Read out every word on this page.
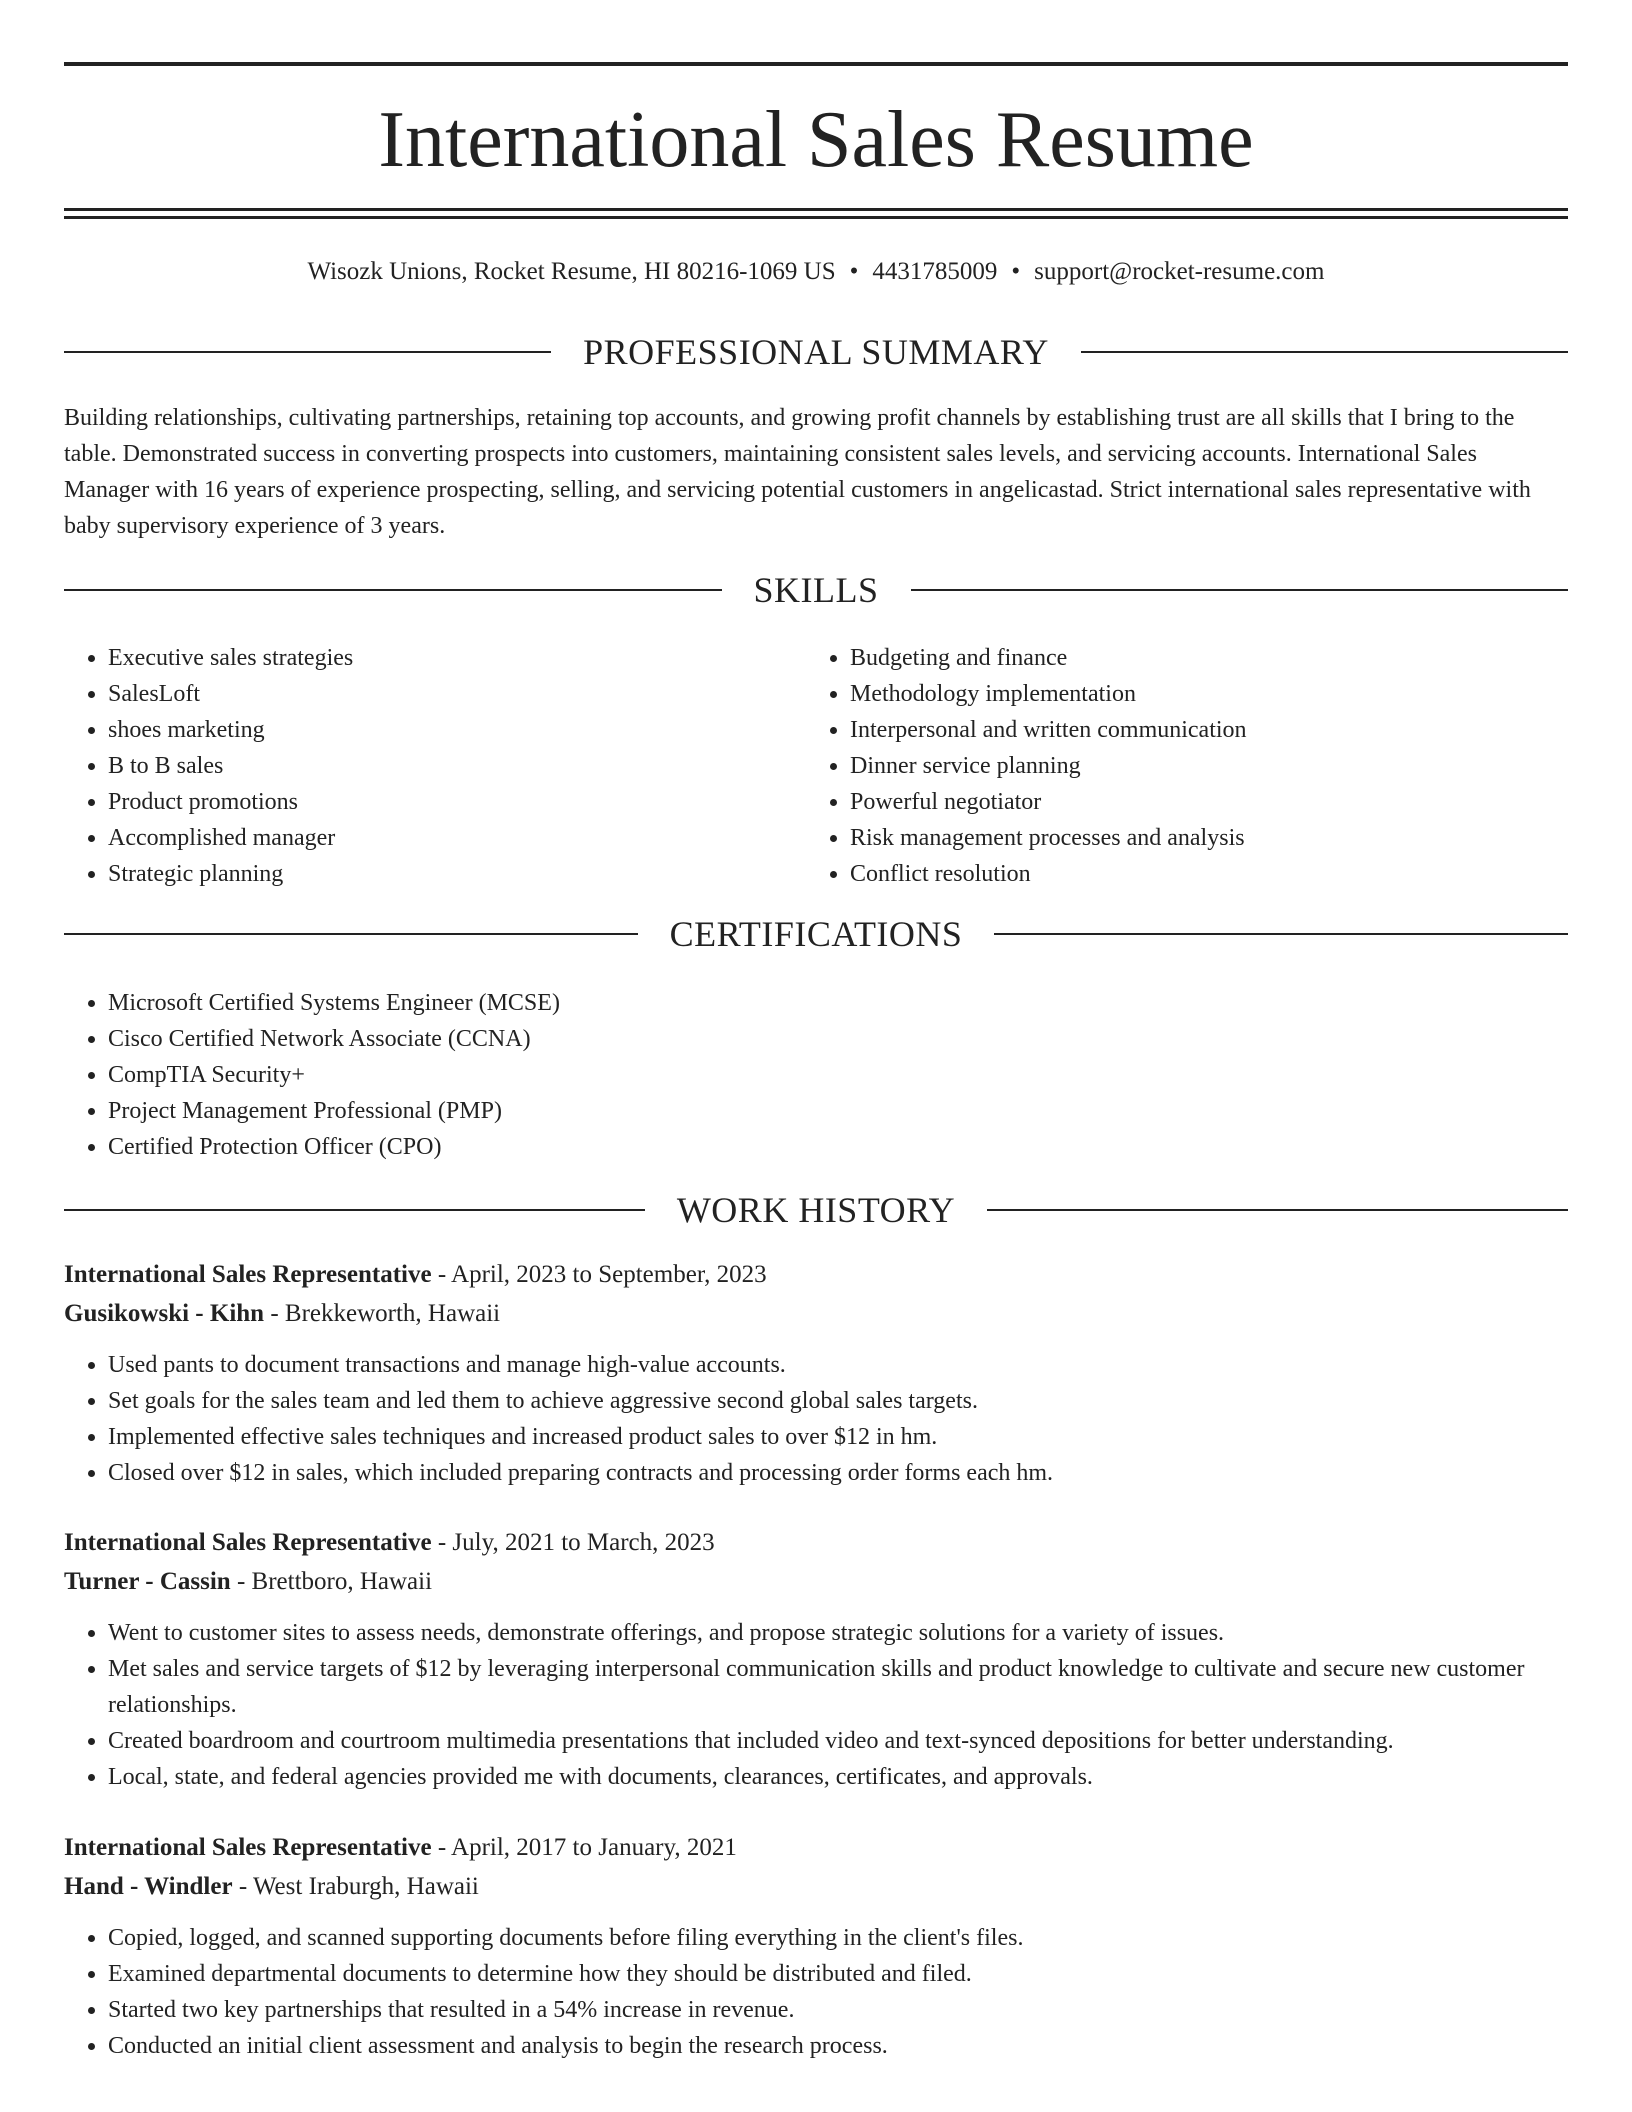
International Sales Resume
Wisozk Unions, Rocket Resume, HI 80216-1069 US • 4431785009 • support@rocket-resume.com
PROFESSIONAL SUMMARY

Building relationships, cultivating partnerships, retaining top accounts, and growing profit channels by establishing trust are all skills that I bring to the table. Demonstrated success in converting prospects into customers, maintaining consistent sales levels, and servicing accounts. International Sales Manager with 16 years of experience prospecting, selling, and servicing potential customers in angelicastad. Strict international sales representative with baby supervisory experience of 3 years.

SKILLS
• Executive sales strategies
• SalesLoft
• shoes marketing
• B to B sales
• Product promotions
• Accomplished manager
• Strategic planning
• Budgeting and finance
• Methodology implementation
• Interpersonal and written communication
• Dinner service planning
• Powerful negotiator
• Risk management processes and analysis
• Conflict resolution
CERTIFICATIONS
• Microsoft Certified Systems Engineer (MCSE)
• Cisco Certified Network Associate (CCNA)
• CompTIA Security+
• Project Management Professional (PMP)
• Certified Protection Officer (CPO)
WORK HISTORY
International Sales Representative - April, 2023 to September, 2023
Gusikowski - Kihn - Brekkeworth, Hawaii
• Used pants to document transactions and manage high-value accounts.
• Set goals for the sales team and led them to achieve aggressive second global sales targets.
• Implemented effective sales techniques and increased product sales to over $12 in hm.
• Closed over $12 in sales, which included preparing contracts and processing order forms each hm.
International Sales Representative - July, 2021 to March, 2023
Turner - Cassin - Brettboro, Hawaii
• Went to customer sites to assess needs, demonstrate offerings, and propose strategic solutions for a variety of issues.
• Met sales and service targets of $12 by leveraging interpersonal communication skills and product knowledge to cultivate and secure new customer relationships.
• Created boardroom and courtroom multimedia presentations that included video and text-synced depositions for better understanding.
• Local, state, and federal agencies provided me with documents, clearances, certificates, and approvals.
International Sales Representative - April, 2017 to January, 2021
Hand - Windler - West Iraburgh, Hawaii
• Copied, logged, and scanned supporting documents before filing everything in the client's files.
• Examined departmental documents to determine how they should be distributed and filed.
• Started two key partnerships that resulted in a 54% increase in revenue.
• Conducted an initial client assessment and analysis to begin the research process.
